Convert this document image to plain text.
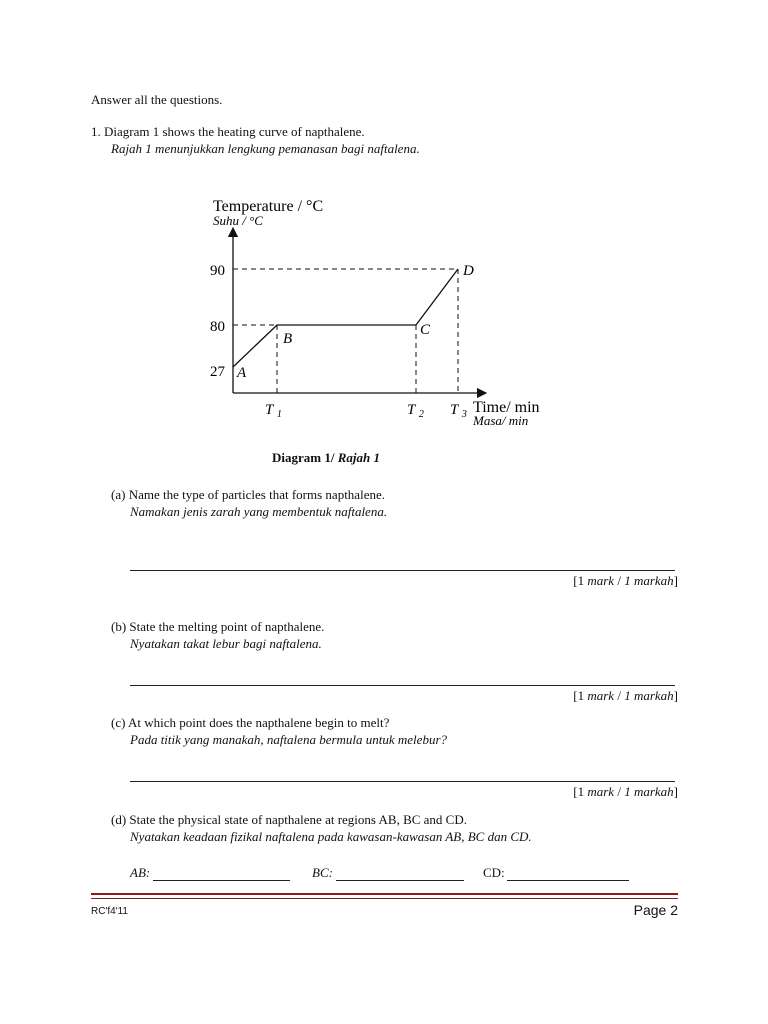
Answer all the questions.
1. Diagram 1 shows the heating curve of napthalene.
Rajah 1 menunjukkan lengkung pemanasan bagi naftalena.
Temperature / °C
Suhu / °C
Time/ min
Masa/ min
90
80
27
T $_1$	T $_2$ T $_3$
A
B
C
D
Diagram 1/ Rajah 1
(a) Name the type of particles that forms napthalene.
Namakan jenis zarah yang membentuk naftalena.
[1 mark / 1 markah]
(b) State the melting point of napthalene.
Nyatakan takat lebur bagi naftalena.
[1 mark / 1 markah]
(c) At which point does the napthalene begin to melt?
Pada titik yang manakah, naftalena bermula untuk melebur?
[1 mark / 1 markah]
(d) State the physical state of napthalene at regions AB, BC and CD.
Nyatakan keadaan fizikal naftalena pada kawasan-kawasan AB, BC dan CD.
AB:	BC:	CD:
RC'f4'11	Page 2
